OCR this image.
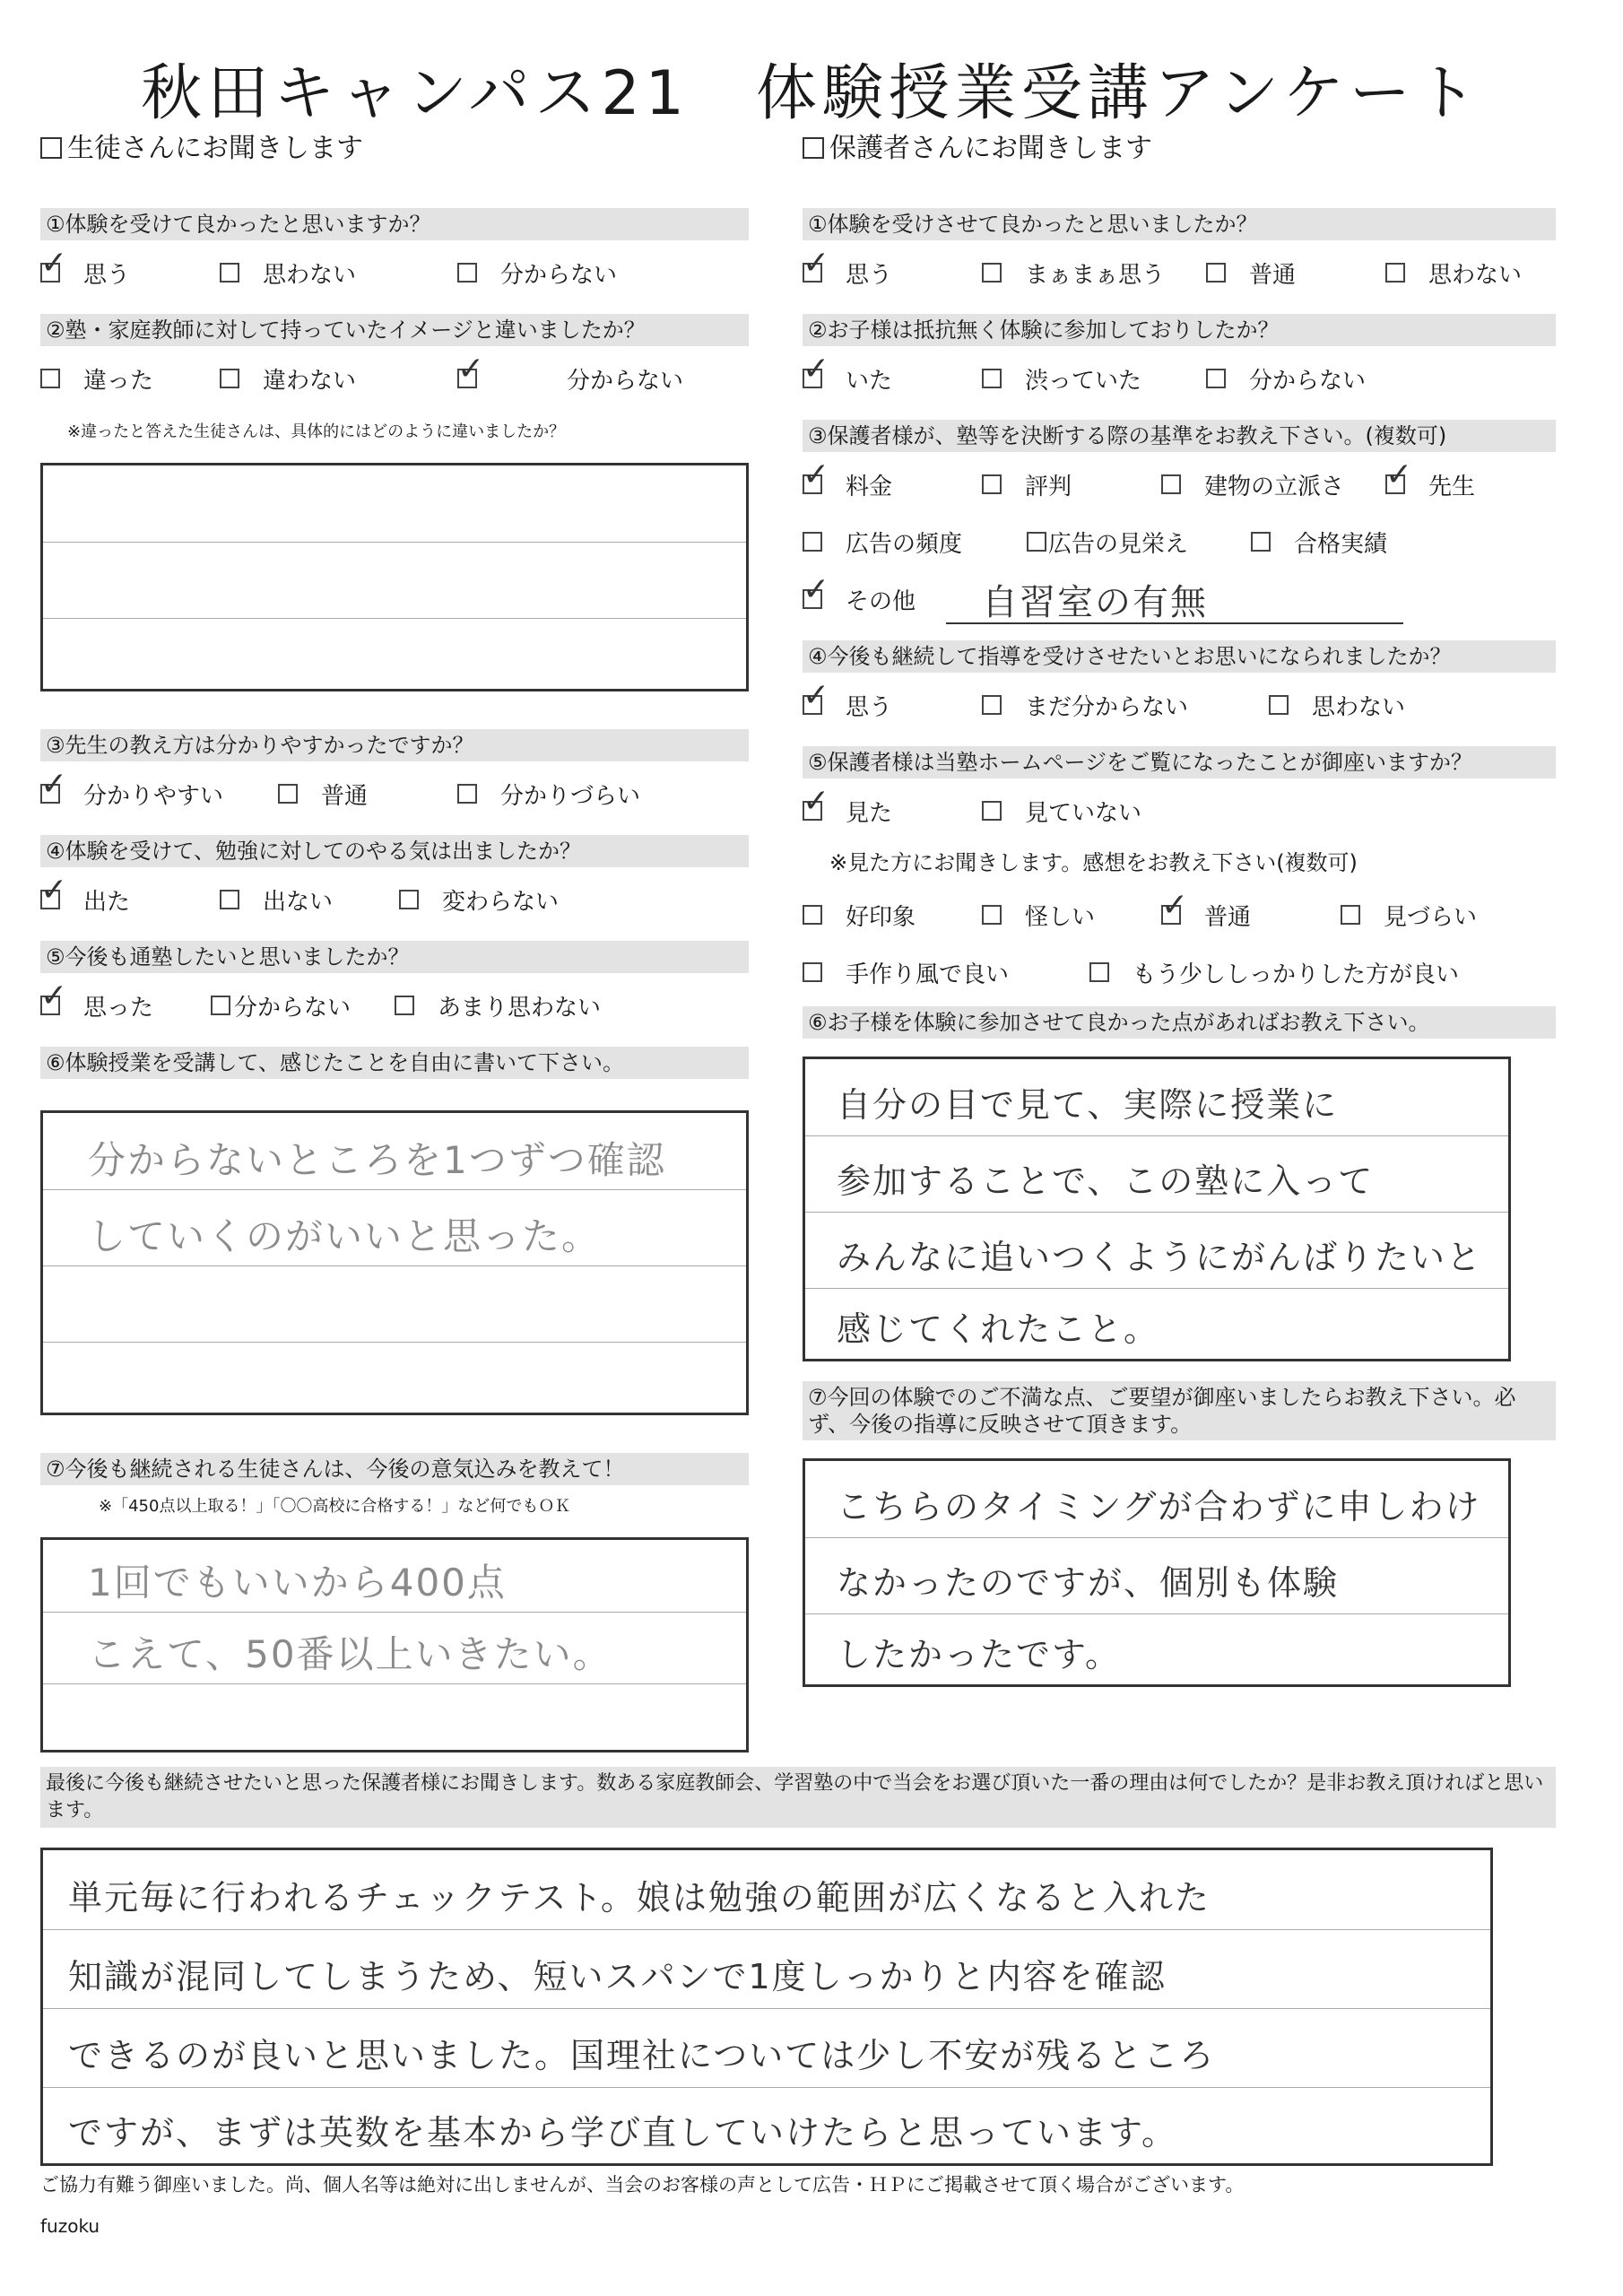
秋田キャンパス21　体験授業受講アンケート
生徒さんにお聞きします
①体験を受けて良かったと思いますか？
✓ 思う	思わない	分からない
②塾・家庭教師に対して持っていたイメージと違いましたか？
違った	違わない	✓	分からない
※違ったと答えた生徒さんは、具体的にはどのように違いましたか？
③先生の教え方は分かりやすかったですか？
✓ 分かりやすい	普通	分かりづらい
④体験を受けて、勉強に対してのやる気は出ましたか？
✓ 出た	出ない	変わらない
⑤今後も通塾したいと思いましたか？
✓ 思った	分からない	あまり思わない
⑥体験授業を受講して、感じたことを自由に書いて下さい。
分からないところを1つずつ確認
していくのがいいと思った。
⑦今後も継続される生徒さんは、今後の意気込みを教えて！
※「450点以上取る！」「〇〇高校に合格する！」など何でもＯＫ
1回でもいいから400点
こえて、50番以上いきたい。
保護者さんにお聞きします
①体験を受けさせて良かったと思いましたか？
✓ 思う	まぁまぁ思う	普通	思わない
②お子様は抵抗無く体験に参加しておりしたか？
✓ いた	渋っていた	分からない
③保護者様が、塾等を決断する際の基準をお教え下さい。(複数可)
✓ 料金	評判	建物の立派さ ✓ 先生
広告の頻度	広告の見栄え	合格実績
✓ その他 自習室の有無
④今後も継続して指導を受けさせたいとお思いになられましたか？
✓ 思う	まだ分からない	思わない
⑤保護者様は当塾ホームページをご覧になったことが御座いますか？
✓ 見た	見ていない
※見た方にお聞きします。感想をお教え下さい(複数可)
好印象	怪しい ✓ 普通	見づらい
手作り風で良い	もう少ししっかりした方が良い
⑥お子様を体験に参加させて良かった点があればお教え下さい。
自分の目で見て、実際に授業に
参加することで、この塾に入って
みんなに追いつくようにがんばりたいと
感じてくれたこと。
⑦今回の体験でのご不満な点、ご要望が御座いましたらお教え下さい。必ず、今後の指導に反映させて頂きます。
こちらのタイミングが合わずに申しわけ
なかったのですが、個別も体験
したかったです。
最後に今後も継続させたいと思った保護者様にお聞きします。数ある家庭教師会、学習塾の中で当会をお選び頂いた一番の理由は何でしたか？是非お教え頂ければと思います。
単元毎に行われるチェックテスト。娘は勉強の範囲が広くなると入れた
知識が混同してしまうため、短いスパンで1度しっかりと内容を確認
できるのが良いと思いました。国理社については少し不安が残るところ
ですが、まずは英数を基本から学び直していけたらと思っています。
ご協力有難う御座いました。尚、個人名等は絶対に出しませんが、当会のお客様の声として広告・ＨＰにご掲載させて頂く場合がございます。
fuzoku
